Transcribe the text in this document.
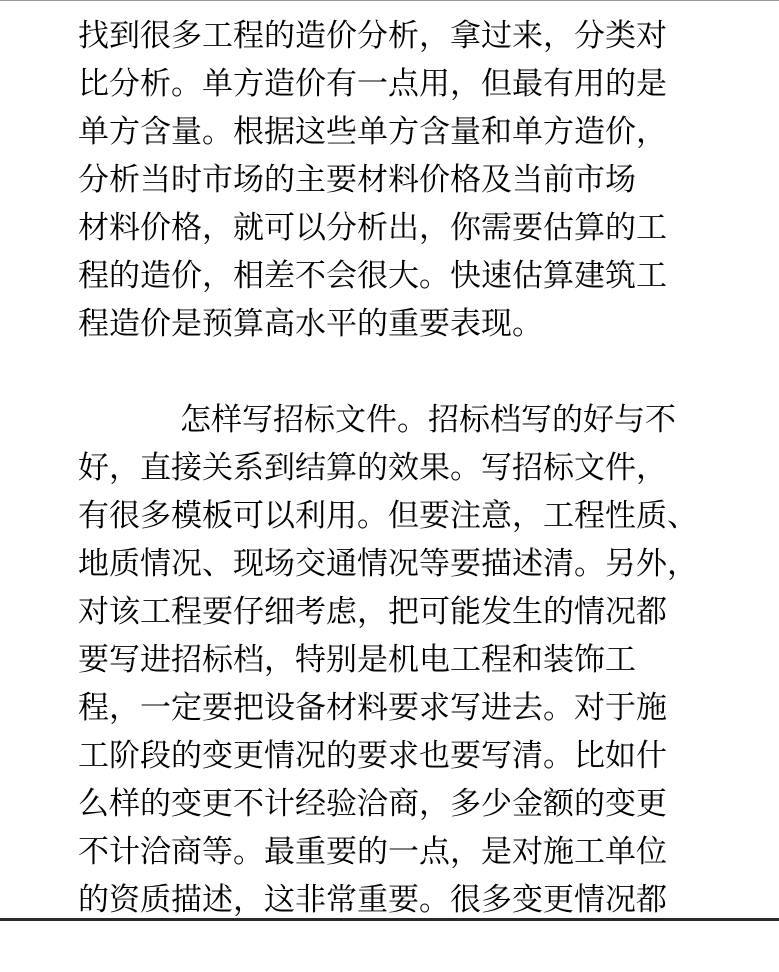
找到很多工程的造价分析，拿过来，分类对
比分析。单方造价有一点用，但最有用的是
单方含量。根据这些单方含量和单方造价，
分析当时市场的主要材料价格及当前市场
材料价格，就可以分析出，你需要估算的工
程的造价，相差不会很大。快速估算建筑工
程造价是预算高水平的重要表现。
怎样写招标文件。招标档写的好与不
好，直接关系到结算的效果。写招标文件，
有很多模板可以利用。但要注意，工程性质、
地质情况、现场交通情况等要描述清。另外，
对该工程要仔细考虑，把可能发生的情况都
要写进招标档，特别是机电工程和装饰工
程，一定要把设备材料要求写进去。对于施
工阶段的变更情况的要求也要写清。比如什
么样的变更不计经验洽商，多少金额的变更
不计洽商等。最重要的一点，是对施工单位
的资质描述，这非常重要。很多变更情况都
